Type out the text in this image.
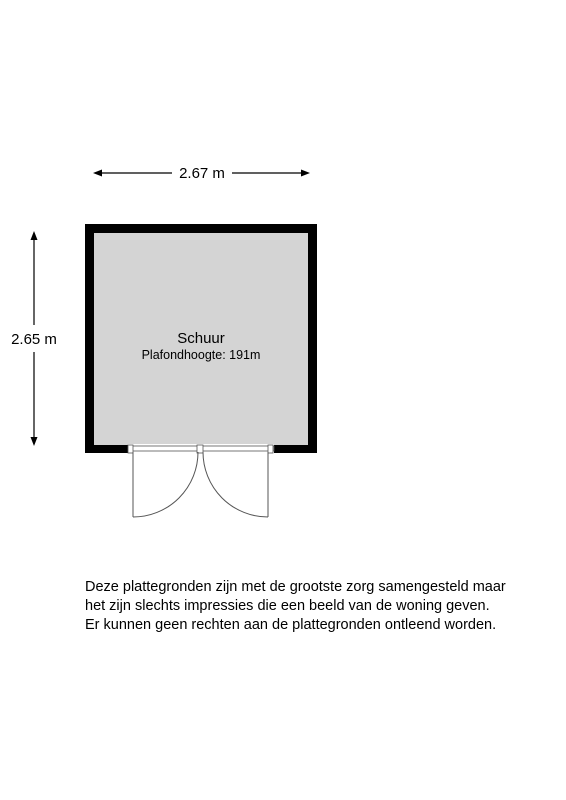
2.67 m
2.65 m	Schuur
Plafondhoogte: 191m
Deze plattegronden zijn met de grootste zorg samengesteld maar
het zijn slechts impressies die een beeld van de woning geven.
Er kunnen geen rechten aan de plattegronden ontleend worden.
